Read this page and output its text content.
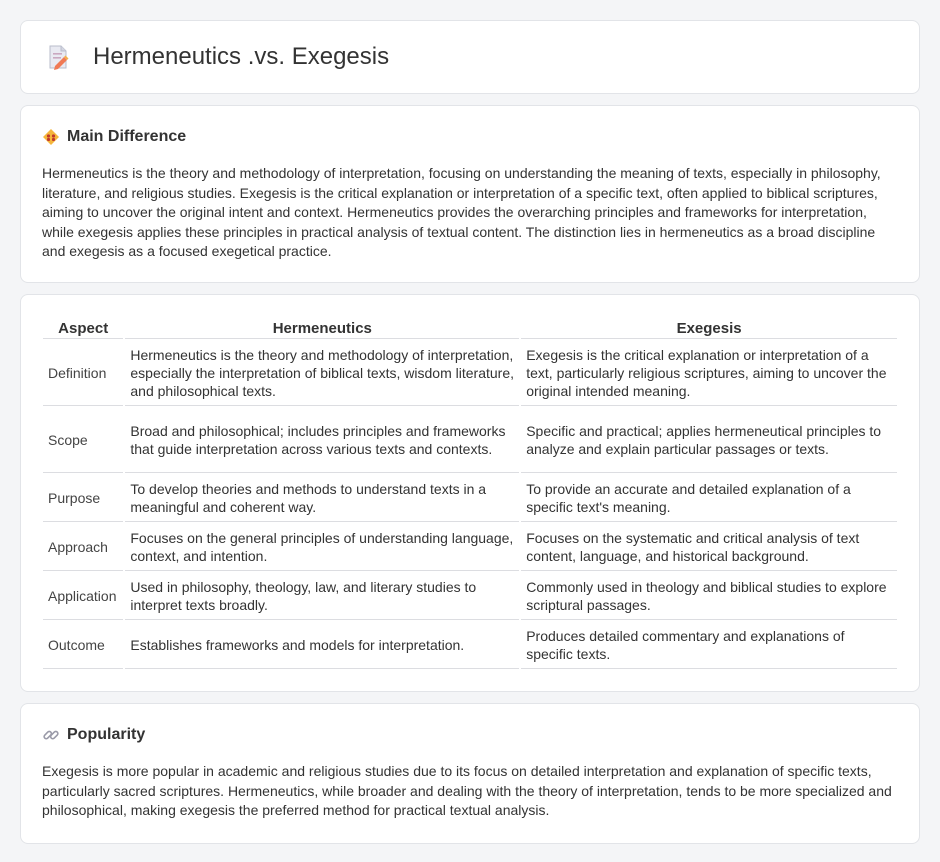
Hermeneutics .vs. Exegesis
Main Difference

Hermeneutics is the theory and methodology of interpretation, focusing on understanding the meaning of texts, especially in philosophy, literature, and religious studies. Exegesis is the critical explanation or interpretation of a specific text, often applied to biblical scriptures, aiming to uncover the original intent and context. Hermeneutics provides the overarching principles and frameworks for interpretation, while exegesis applies these principles in practical analysis of textual content. The distinction lies in hermeneutics as a broad discipline and exegesis as a focused exegetical practice.

Aspect	Hermeneutics	Exegesis
Definition	Hermeneutics is the theory and methodology of interpretation, especially the interpretation of biblical texts, wisdom literature, and philosophical texts.	Exegesis is the critical explanation or interpretation of a text, particularly religious scriptures, aiming to uncover the original intended meaning.
Scope	Broad and philosophical; includes principles and frameworks that guide interpretation across various texts and contexts.	Specific and practical; applies hermeneutical principles to analyze and explain particular passages or texts.
Purpose	To develop theories and methods to understand texts in a meaningful and coherent way.	To provide an accurate and detailed explanation of a specific text's meaning.
Approach	Focuses on the general principles of understanding language, context, and intention.	Focuses on the systematic and critical analysis of text content, language, and historical background.
Application	Used in philosophy, theology, law, and literary studies to interpret texts broadly.	Commonly used in theology and biblical studies to explore scriptural passages.
Outcome	Establishes frameworks and models for interpretation.	Produces detailed commentary and explanations of specific texts.
Popularity

Exegesis is more popular in academic and religious studies due to its focus on detailed interpretation and explanation of specific texts, particularly sacred scriptures. Hermeneutics, while broader and dealing with the theory of interpretation, tends to be more specialized and philosophical, making exegesis the preferred method for practical textual analysis.
